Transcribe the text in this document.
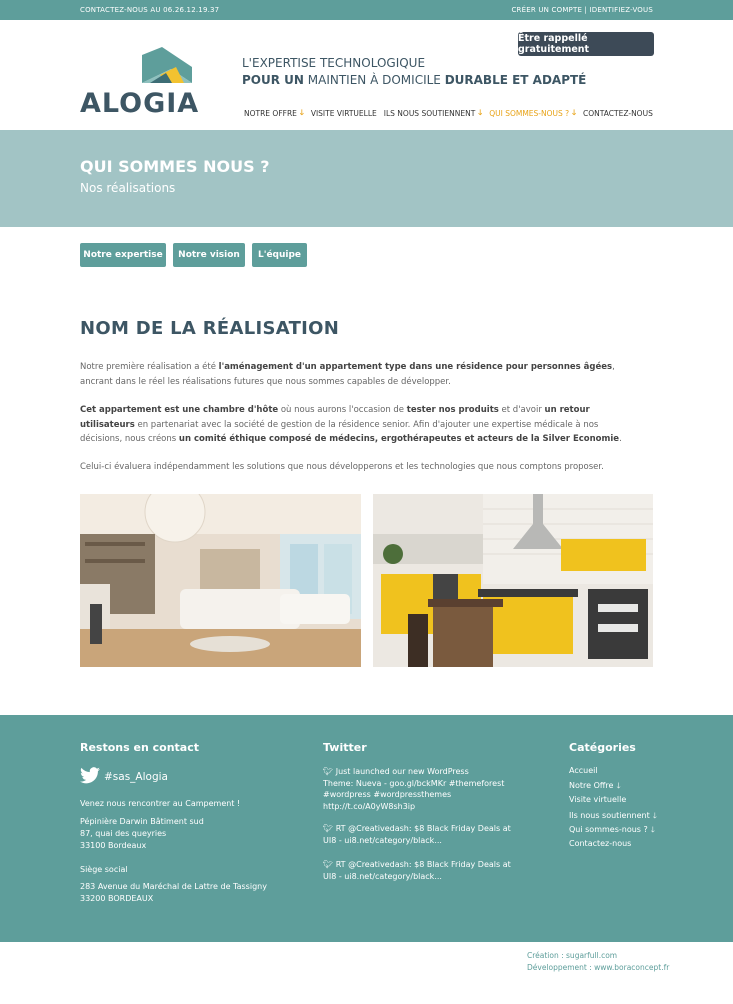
CONTACTEZ-NOUS AU 06.26.12.19.37	CRÉER UN COMPTE | IDENTIFIEZ-VOUS
ALOGIA
L'EXPERTISE TECHNOLOGIQUE
POUR UN MAINTIEN À DOMICILE DURABLE ET ADAPTÉ
Être rappellé gratuitement
NOTRE OFFRE 🡓 VISITE VIRTUELLE ILS NOUS SOUTIENNENT 🡓 QUI SOMMES-NOUS ? 🡓 CONTACTEZ-NOUS
QUI SOMMES NOUS ?
Nos réalisations
Notre expertise	Notre vision	L'équipe
NOM DE LA RÉALISATION

Notre première réalisation a été l'aménagement d'un appartement type dans une résidence pour personnes âgées, ancrant dans le réel les réalisations futures que nous sommes capables de développer.

Cet appartement est une chambre d'hôte où nous aurons l'occasion de tester nos produits et d'avoir un retour utilisateurs en partenariat avec la société de gestion de la résidence senior. Afin d'ajouter une expertise médicale à nos décisions, nous créons un comité éthique composé de médecins, ergothérapeutes et acteurs de la Silver Economie.

Celui-ci évaluera indépendamment les solutions que nous développerons et les technologies que nous comptons proposer.

Restons en contact
#sas_Alogia
Venez nous rencontrer au Campement !
Pépinière Darwin Bâtiment sud
87, quai des queyries
33100 Bordeaux
Siège social
283 Avenue du Maréchal de Lattre de Tassigny
33200 BORDEAUX
Twitter
🐦︎ Just launched our new WordPress
Theme: Nueva - goo.gl/bckMKr #themeforest
#wordpress #wordpressthemes
http://t.co/A0yW8sh3ip
🐦︎ RT @Creativedash: $8 Black Friday Deals at
UI8 - ui8.net/category/black...
🐦︎ RT @Creativedash: $8 Black Friday Deals at
UI8 - ui8.net/category/black...
Catégories
Accueil
Notre Offre 🡓
Visite virtuelle
Ils nous soutiennent 🡓
Qui sommes-nous ? 🡓
Contactez-nous
Création : sugarfull.com
Développement : www.boraconcept.fr
